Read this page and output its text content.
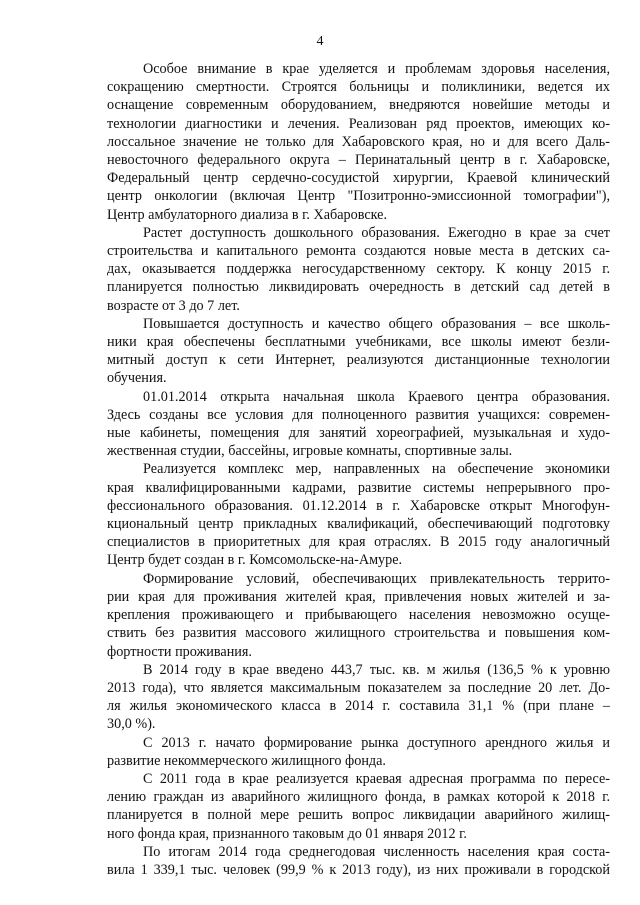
4

Особое внимание в крае уделяется и проблемам здоровья населения,
сокращению смертности. Строятся больницы и поликлиники, ведется их
оснащение современным оборудованием, внедряются новейшие методы и
технологии диагностики и лечения. Реализован ряд проектов, имеющих ко-
лоссальное значение не только для Хабаровского края, но и для всего Даль-
невосточного федерального округа – Перинатальный центр в г. Хабаровске,
Федеральный центр сердечно-сосудистой хирургии, Краевой клинический
центр онкологии (включая Центр "Позитронно-эмиссионной томографии"),
Центр амбулаторного диализа в г. Хабаровске.

Растет доступность дошкольного образования. Ежегодно в крае за счет
строительства и капитального ремонта создаются новые места в детских са-
дах, оказывается поддержка негосударственному сектору. К концу 2015 г.
планируется полностью ликвидировать очередность в детский сад детей в
возрасте от 3 до 7 лет.

Повышается доступность и качество общего образования – все школь-
ники края обеспечены бесплатными учебниками, все школы имеют безли-
митный доступ к сети Интернет, реализуются дистанционные технологии
обучения.

01.01.2014 открыта начальная школа Краевого центра образования.
Здесь созданы все условия для полноценного развития учащихся: современ-
ные кабинеты, помещения для занятий хореографией, музыкальная и худо-
жественная студии, бассейны, игровые комнаты, спортивные залы.

Реализуется комплекс мер, направленных на обеспечение экономики
края квалифицированными кадрами, развитие системы непрерывного про-
фессионального образования. 01.12.2014 в г. Хабаровске открыт Многофун-
кциональный центр прикладных квалификаций, обеспечивающий подготовку
специалистов в приоритетных для края отраслях. В 2015 году аналогичный
Центр будет создан в г. Комсомольске-на-Амуре.

Формирование условий, обеспечивающих привлекательность террито-
рии края для проживания жителей края, привлечения новых жителей и за-
крепления проживающего и прибывающего населения невозможно осуще-
ствить без развития массового жилищного строительства и повышения ком-
фортности проживания.

В 2014 году в крае введено 443,7 тыс. кв. м жилья (136,5 % к уровню
2013 года), что является максимальным показателем за последние 20 лет. До-
ля жилья экономического класса в 2014 г. составила 31,1 % (при плане –
30,0 %).

С 2013 г. начато формирование рынка доступного арендного жилья и
развитие некоммерческого жилищного фонда.

С 2011 года в крае реализуется краевая адресная программа по пересе-
лению граждан из аварийного жилищного фонда, в рамках которой к 2018 г.
планируется в полной мере решить вопрос ликвидации аварийного жилищ-
ного фонда края, признанного таковым до 01 января 2012 г.

По итогам 2014 года среднегодовая численность населения края соста-
вила 1 339,1 тыс. человек (99,9 % к 2013 году), из них проживали в городской
